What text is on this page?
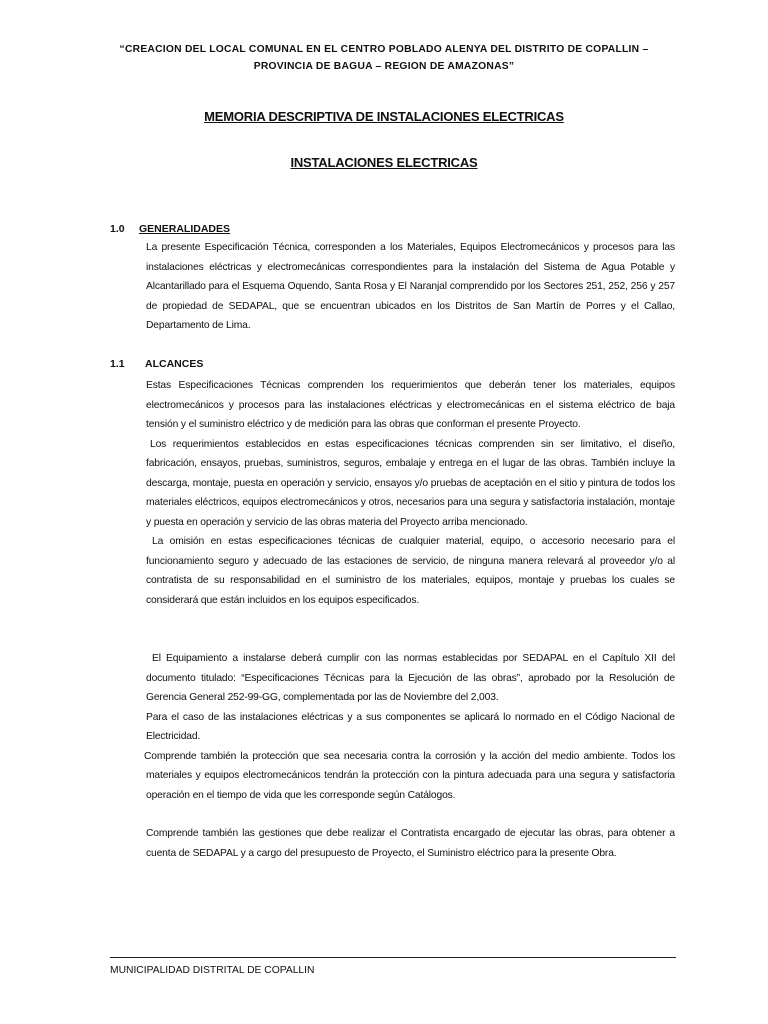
“CREACION DEL LOCAL COMUNAL EN EL CENTRO POBLADO ALENYA DEL DISTRITO DE COPALLIN –
PROVINCIA DE BAGUA – REGION DE AMAZONAS”
MEMORIA DESCRIPTIVA DE INSTALACIONES ELECTRICAS
INSTALACIONES ELECTRICAS
1.0 GENERALIDADES

La presente Especificación Técnica, corresponden a los Materiales, Equipos Electromecánicos y procesos para las instalaciones eléctricas y electromecánicas correspondientes para la instalación del Sistema de Agua Potable y Alcantarillado para el Esquema Oquendo, Santa Rosa y El Naranjal comprendido por los Sectores 251, 252, 256 y 257 de propiedad de SEDAPAL, que se encuentran ubicados en los Distritos de San Martín de Porres y el Callao, Departamento de Lima.

1.1 ALCANCES

Estas Especificaciones Técnicas comprenden los requerimientos que deberán tener los materiales, equipos electromecánicos y procesos para las instalaciones eléctricas y electromecánicas en el sistema eléctrico de baja tensión y el suministro eléctrico y de medición para las obras que conforman el presente Proyecto.

Los requerimientos establecidos en estas especificaciones técnicas comprenden sin ser limitativo, el diseño, fabricación, ensayos, pruebas, suministros, seguros, embalaje y entrega en el lugar de las obras. También incluye la descarga, montaje, puesta en operación y servicio, ensayos y/o pruebas de aceptación en el sitio y pintura de todos los materiales eléctricos, equipos electromecánicos y otros, necesarios para una segura y satisfactoria instalación, montaje y puesta en operación y servicio de las obras materia del Proyecto arriba mencionado.

La omisión en estas especificaciones técnicas de cualquier material, equipo, o accesorio necesario para el funcionamiento seguro y adecuado de las estaciones de servicio, de ninguna manera relevará al proveedor y/o al contratista de su responsabilidad en el suministro de los materiales, equipos, montaje y pruebas los cuales se considerará que están incluidos en los equipos especificados.

El Equipamiento a instalarse deberá cumplir con las normas establecidas por SEDAPAL en el Capítulo XII del documento titulado: “Especificaciones Técnicas para la Ejecución de las obras”, aprobado por la Resolución de Gerencia General 252-99-GG, complementada por las de Noviembre del 2,003.

Para el caso de las instalaciones eléctricas y a sus componentes se aplicará lo normado en el Código Nacional de Electricidad.

Comprende también la protección que sea necesaria contra la corrosión y la acción del medio ambiente. Todos los materiales y equipos electromecánicos tendrán la protección con la pintura adecuada para una segura y satisfactoria operación en el tiempo de vida que les corresponde según Catálogos.

Comprende también las gestiones que debe realizar el Contratista encargado de ejecutar las obras, para obtener a cuenta de SEDAPAL y a cargo del presupuesto de Proyecto, el Suministro eléctrico para la presente Obra.

MUNICIPALIDAD DISTRITAL DE COPALLIN
